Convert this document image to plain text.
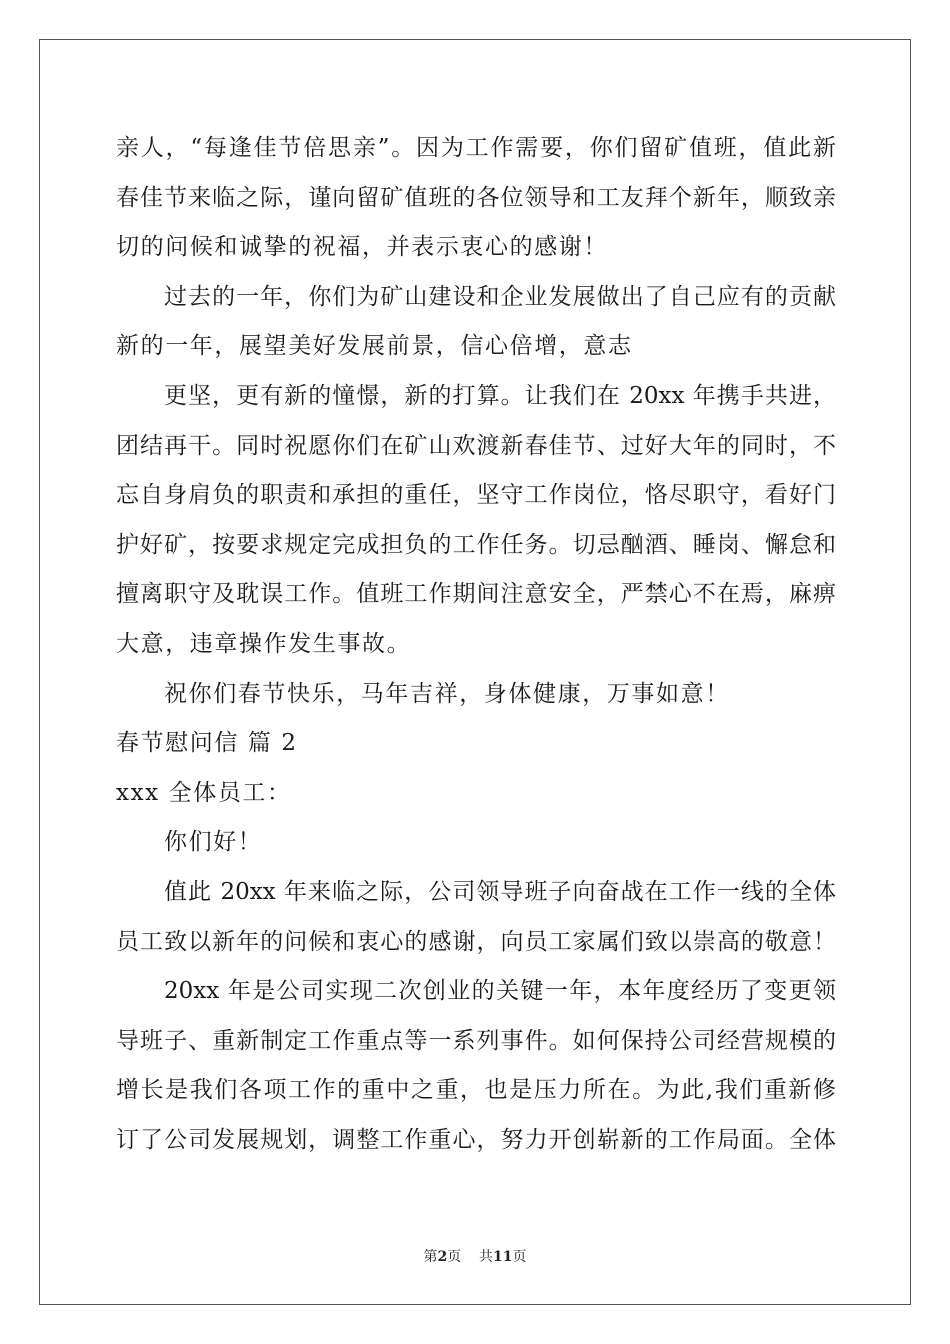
亲人，“每逢佳节倍思亲”。因为工作需要，你们留矿值班，值此新
春佳节来临之际，谨向留矿值班的各位领导和工友拜个新年，顺致亲
切的问候和诚挚的祝福，并表示衷心的感谢！
过去的一年，你们为矿山建设和企业发展做出了自己应有的贡献
新的一年，展望美好发展前景，信心倍增，意志
更坚，更有新的憧憬，新的打算。让我们在 20xx 年携手共进，
团结再干。同时祝愿你们在矿山欢渡新春佳节、过好大年的同时，不
忘自身肩负的职责和承担的重任，坚守工作岗位，恪尽职守，看好门
护好矿，按要求规定完成担负的工作任务。切忌酗酒、睡岗、懈怠和
擅离职守及耽误工作。值班工作期间注意安全，严禁心不在焉，麻痹
大意，违章操作发生事故。
祝你们春节快乐，马年吉祥，身体健康，万事如意！
春节慰问信 篇 2
xxx 全体员工：
你们好！
值此 20xx 年来临之际，公司领导班子向奋战在工作一线的全体
员工致以新年的问候和衷心的感谢，向员工家属们致以崇高的敬意！
20xx 年是公司实现二次创业的关键一年，本年度经历了变更领
导班子、重新制定工作重点等一系列事件。如何保持公司经营规模的
增长是我们各项工作的重中之重，也是压力所在。为此,我们重新修
订了公司发展规划，调整工作重心，努力开创崭新的工作局面。全体
第2页 共11页
